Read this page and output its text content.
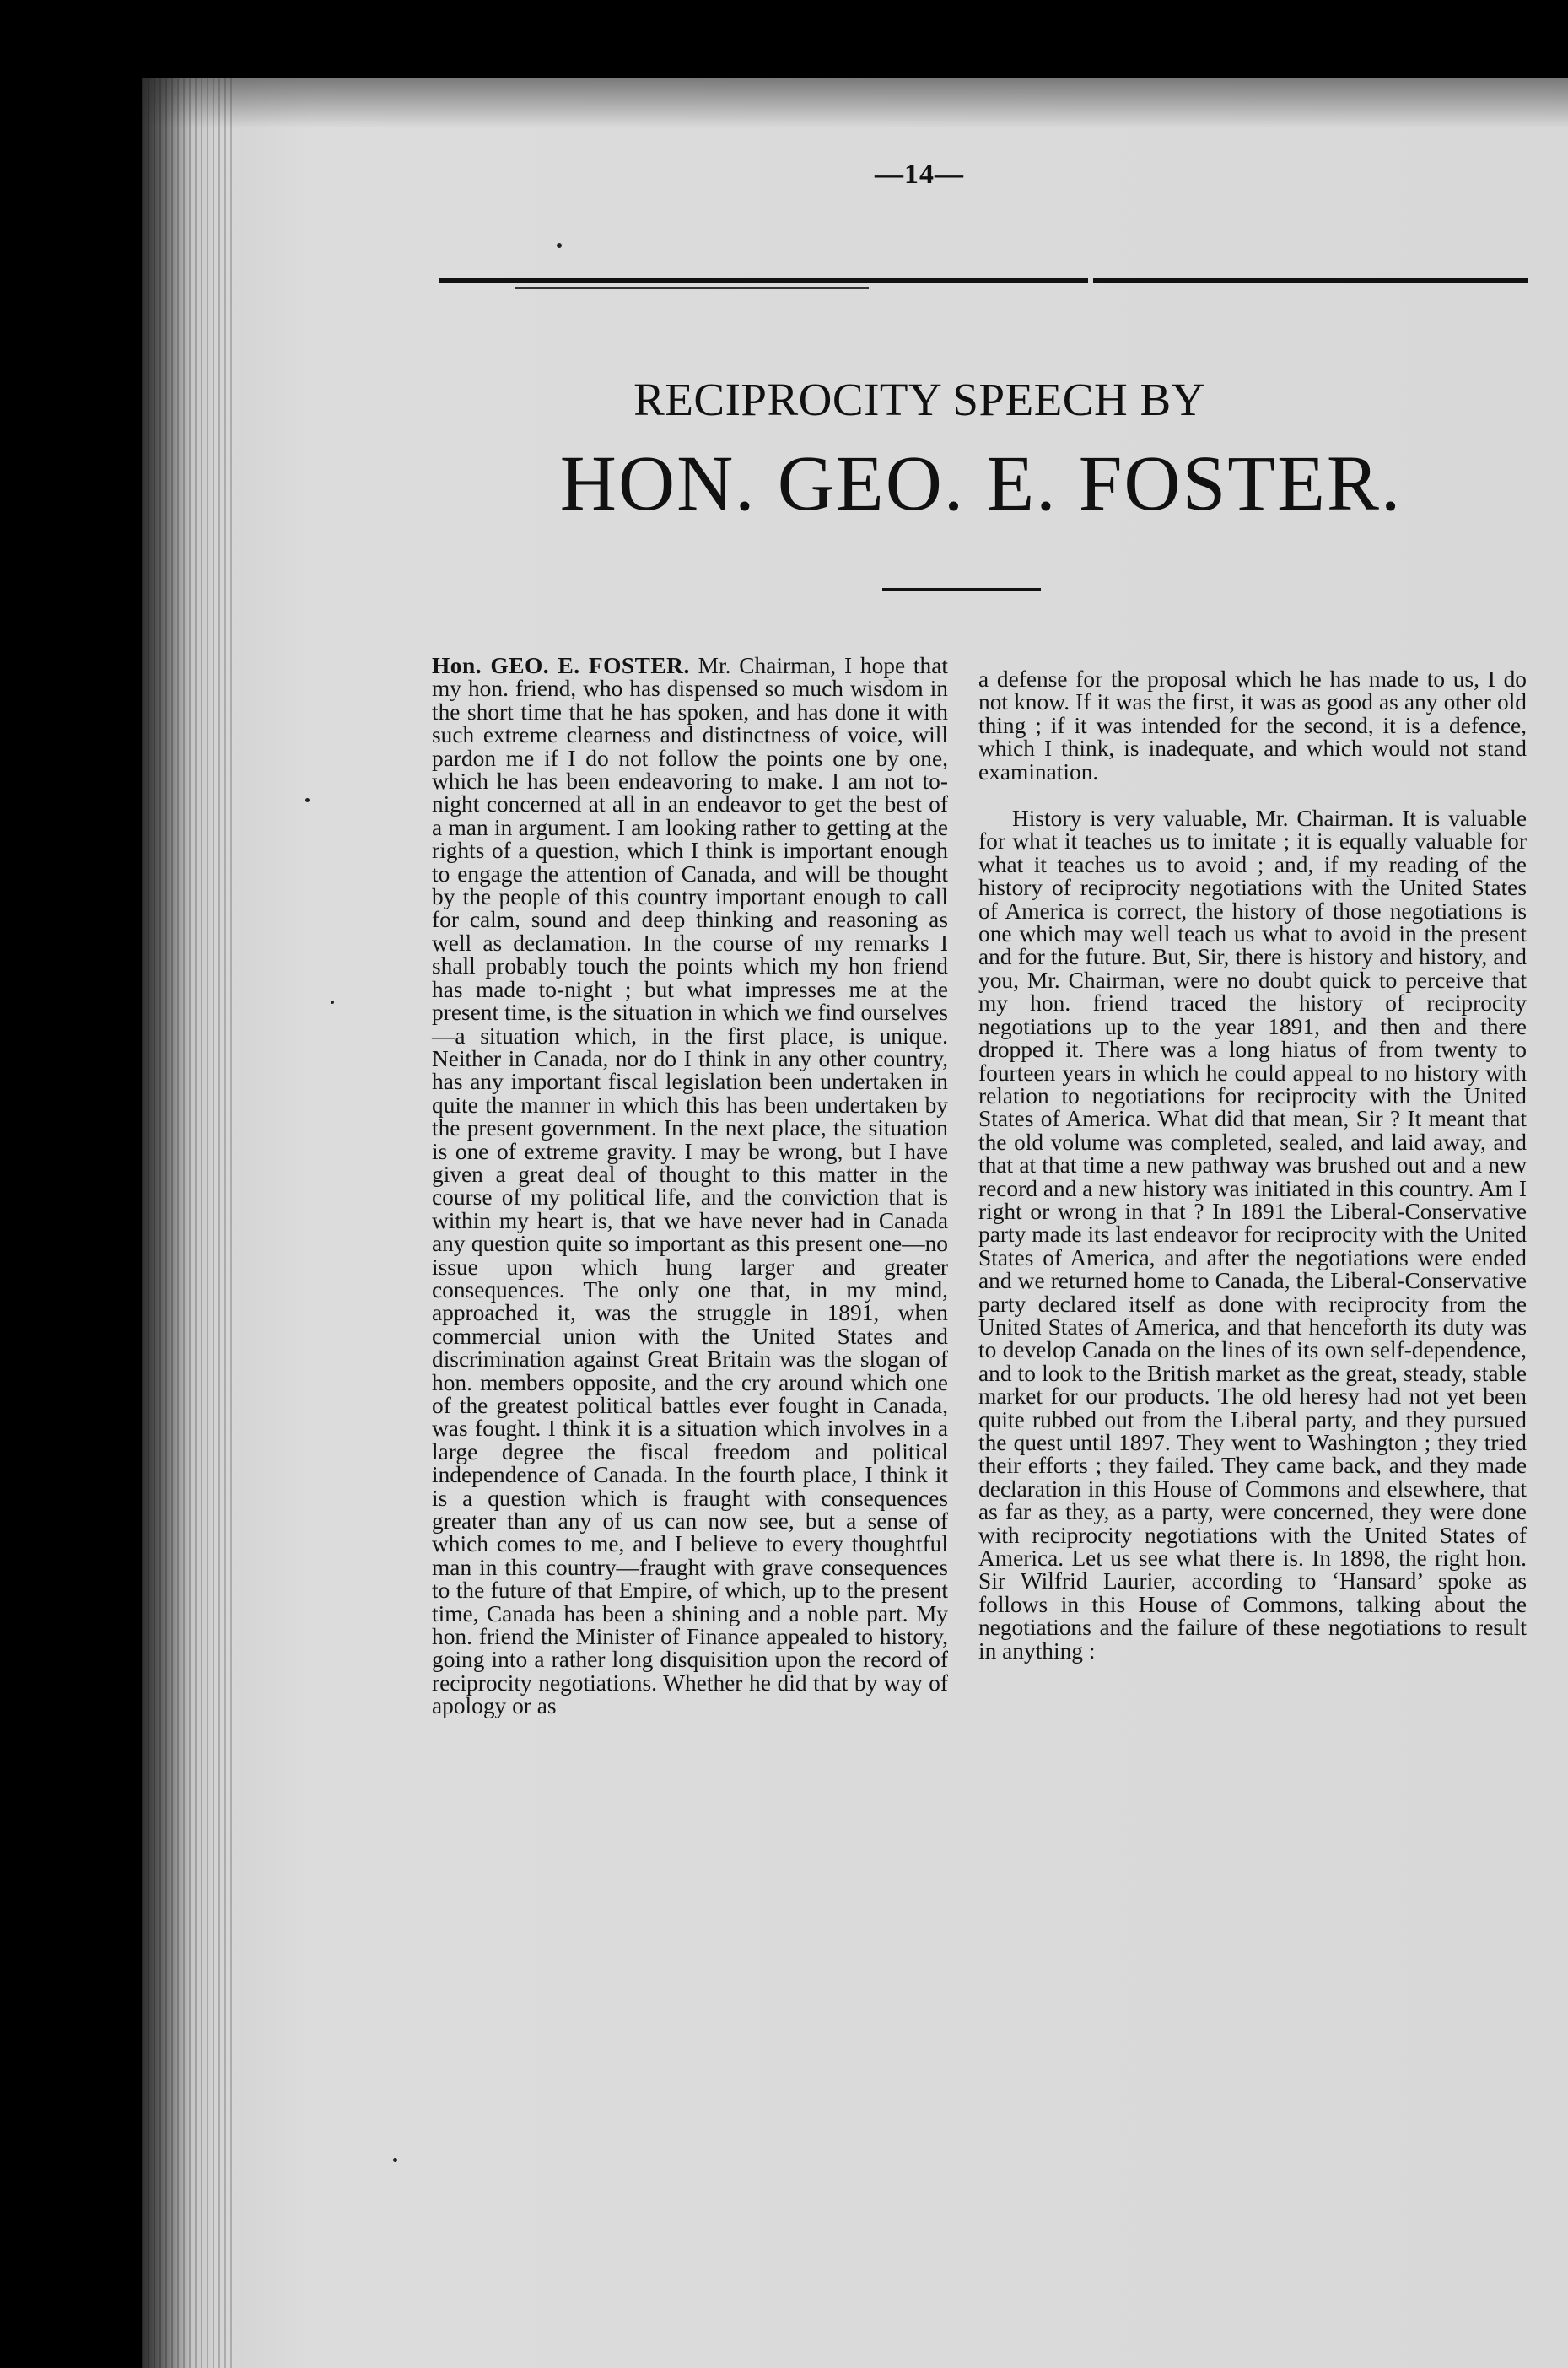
—14—
RECIPROCITY SPEECH BY
HON. GEO. E. FOSTER.

Hon. GEO. E. FOSTER. Mr. Chairman, I hope that my hon. friend, who has dispensed so much wisdom in the short time that he has spoken, and has done it with such extreme clearness and distinctness of voice, will pardon me if I do not follow the points one by one, which he has been endeavoring to make. I am not to-night concerned at all in an endeavor to get the best of a man in argument. I am looking rather to getting at the rights of a question, which I think is important enough to engage the attention of Canada, and will be thought by the people of this country important enough to call for calm, sound and deep thinking and reasoning as well as declamation. In the course of my remarks I shall probably touch the points which my hon friend has made to-night ; but what impresses me at the present time, is the situation in which we find ourselves—a situation which, in the first place, is unique. Neither in Canada, nor do I think in any other country, has any important fiscal legislation been undertaken in quite the manner in which this has been undertaken by the present government. In the next place, the situation is one of extreme gravity. I may be wrong, but I have given a great deal of thought to this matter in the course of my political life, and the conviction that is within my heart is, that we have never had in Canada any question quite so important as this present one—no issue upon which hung larger and greater consequences. The only one that, in my mind, approached it, was the struggle in 1891, when commercial union with the United States and discrimination against Great Britain was the slogan of hon. members opposite, and the cry around which one of the greatest political battles ever fought in Canada, was fought. I think it is a situation which involves in a large degree the fiscal freedom and political independence of Canada. In the fourth place, I think it is a question which is fraught with consequences greater than any of us can now see, but a sense of which comes to me, and I believe to every thoughtful man in this country—fraught with grave consequences to the future of that Empire, of which, up to the present time, Canada has been a shining and a noble part. My hon. friend the Minister of Finance appealed to history, going into a rather long disquisition upon the record of reciprocity negotiations. Whether he did that by way of apology or as

a defense for the proposal which he has made to us, I do not know. If it was the first, it was as good as any other old thing ; if it was intended for the second, it is a defence, which I think, is inadequate, and which would not stand examination.

History is very valuable, Mr. Chairman. It is valuable for what it teaches us to imitate ; it is equally valuable for what it teaches us to avoid ; and, if my reading of the history of reciprocity negotiations with the United States of America is correct, the history of those negotiations is one which may well teach us what to avoid in the present and for the future. But, Sir, there is history and history, and you, Mr. Chairman, were no doubt quick to perceive that my hon. friend traced the history of reciprocity negotiations up to the year 1891, and then and there dropped it. There was a long hiatus of from twenty to fourteen years in which he could appeal to no history with relation to negotiations for reciprocity with the United States of America. What did that mean, Sir ? It meant that the old volume was completed, sealed, and laid away, and that at that time a new pathway was brushed out and a new record and a new history was initiated in this country. Am I right or wrong in that ? In 1891 the Liberal-Conservative party made its last endeavor for reciprocity with the United States of America, and after the negotiations were ended and we returned home to Canada, the Liberal-Conservative party declared itself as done with reciprocity from the United States of America, and that henceforth its duty was to develop Canada on the lines of its own self-dependence, and to look to the British market as the great, steady, stable market for our products. The old heresy had not yet been quite rubbed out from the Liberal party, and they pursued the quest until 1897. They went to Washington ; they tried their efforts ; they failed. They came back, and they made declaration in this House of Commons and elsewhere, that as far as they, as a party, were concerned, they were done with reciprocity negotiations with the United States of America. Let us see what there is. In 1898, the right hon. Sir Wilfrid Laurier, according to ‘Hansard’ spoke as follows in this House of Commons, talking about the negotiations and the failure of these negotiations to result in anything :
